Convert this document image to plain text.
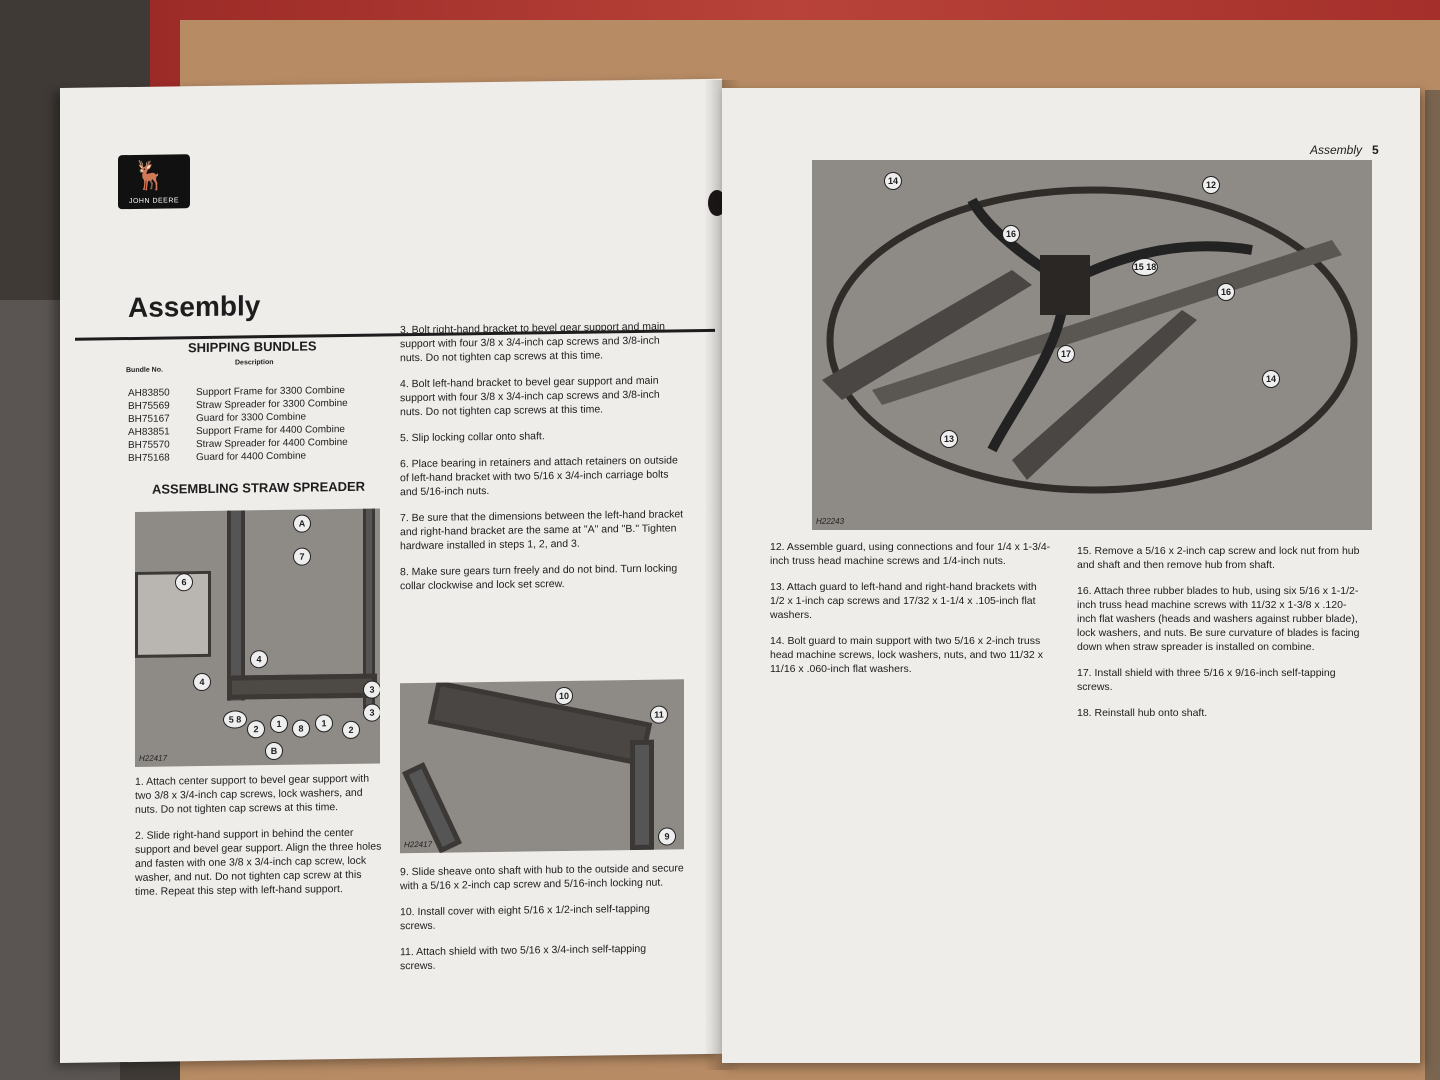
🦌
JOHN DEERE
Assembly
SHIPPING BUNDLES
Bundle No.
Description
AH83850	Support Frame for 3300 Combine
BH75569	Straw Spreader for 3300 Combine
BH75167	Guard for 3300 Combine
AH83851	Support Frame for 4400 Combine
BH75570	Straw Spreader for 4400 Combine
BH75168	Guard for 4400 Combine
ASSEMBLING STRAW SPREADER
A
7
6
4
4
5 8
2
1	8
1
2
B
3
3
H22417

1. Attach center support to bevel gear support with two 3/8 x 3/4-inch cap screws, lock washers, and nuts. Do not tighten cap screws at this time.

2. Slide right-hand support in behind the center support and bevel gear support. Align the three holes and fasten with one 3/8 x 3/4-inch cap screw, lock washer, and nut. Do not tighten cap screw at this time. Repeat this step with left-hand support.

3. Bolt right-hand bracket to bevel gear support and main support with four 3/8 x 3/4-inch cap screws and 3/8-inch nuts. Do not tighten cap screws at this time.

4. Bolt left-hand bracket to bevel gear support and main support with four 3/8 x 3/4-inch cap screws and 3/8-inch nuts. Do not tighten cap screws at this time.

5. Slip locking collar onto shaft.

6. Place bearing in retainers and attach retainers on outside of left-hand bracket with two 5/16 x 3/4-inch carriage bolts and 5/16-inch nuts.

7. Be sure that the dimensions between the left-hand bracket and right-hand bracket are the same at "A" and "B." Tighten hardware installed in steps 1, 2, and 3.

8. Make sure gears turn freely and do not bind. Turn locking collar clockwise and lock set screw.

10
11
9
H22417

9. Slide sheave onto shaft with hub to the outside and secure with a 5/16 x 2-inch cap screw and 5/16-inch locking nut.

10. Install cover with eight 5/16 x 1/2-inch self-tapping screws.

11. Attach shield with two 5/16 x 3/4-inch self-tapping screws.

Assembly 5
14	12
16
15 18
16
17
14
13
H22243

12. Assemble guard, using connections and four 1/4 x 1-3/4-inch truss head machine screws and 1/4-inch nuts.

13. Attach guard to left-hand and right-hand brackets with 1/2 x 1-inch cap screws and 17/32 x 1-1/4 x .105-inch flat washers.

14. Bolt guard to main support with two 5/16 x 2-inch truss head machine screws, lock washers, nuts, and two 11/32 x 11/16 x .060-inch flat washers.

15. Remove a 5/16 x 2-inch cap screw and lock nut from hub and shaft and then remove hub from shaft.

16. Attach three rubber blades to hub, using six 5/16 x 1-1/2-inch truss head machine screws with 11/32 x 1-3/8 x .120-inch flat washers (heads and washers against rubber blade), lock washers, and nuts. Be sure curvature of blades is facing down when straw spreader is installed on combine.

17. Install shield with three 5/16 x 9/16-inch self-tapping screws.

18. Reinstall hub onto shaft.
